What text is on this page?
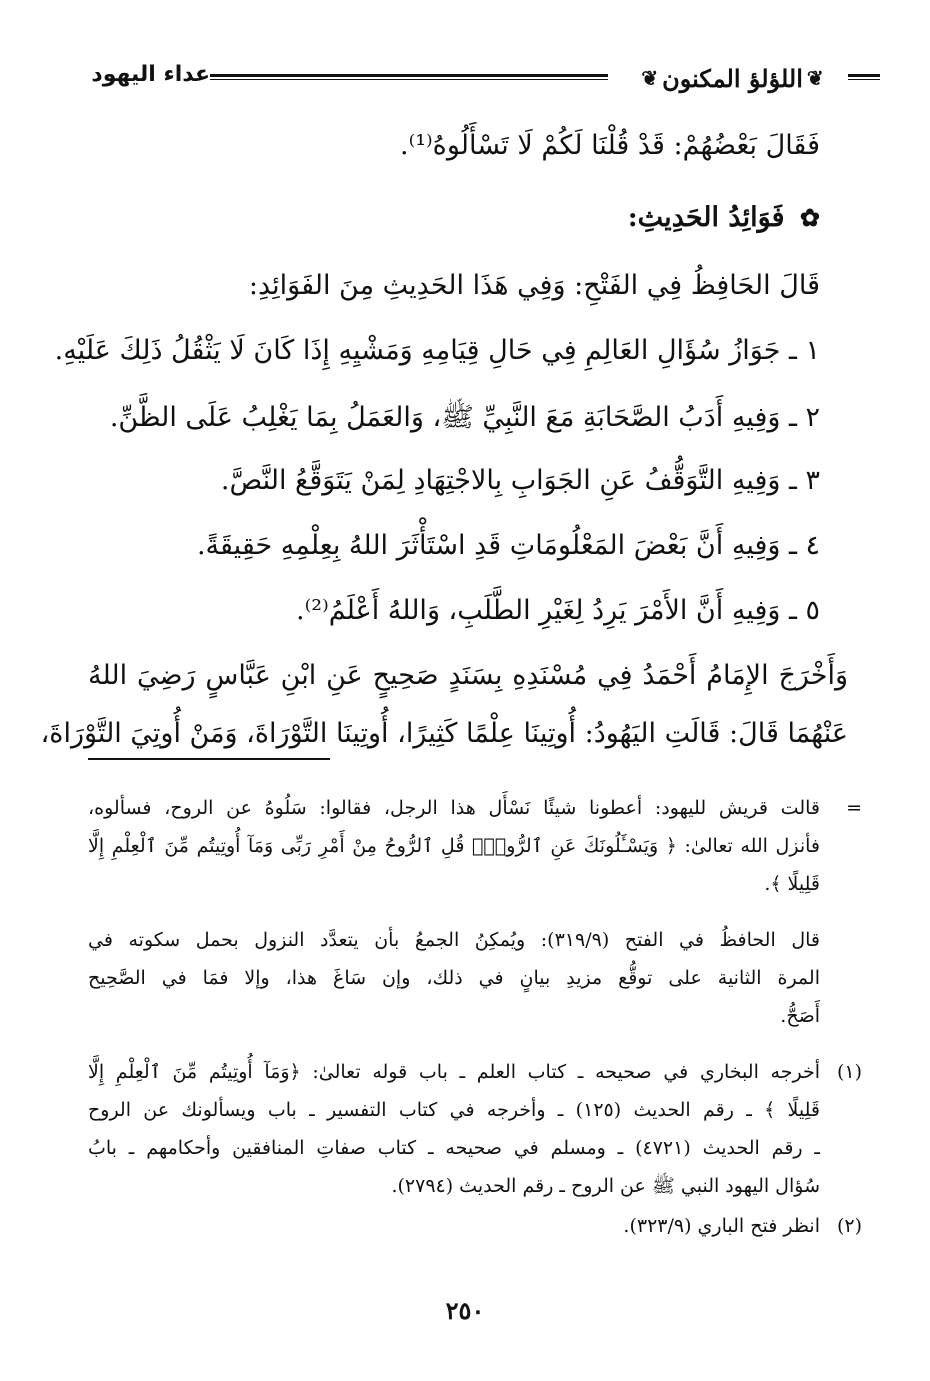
❦
اللؤلؤ المكنون
❦
عداء اليهود
فَقَالَ بَعْضُهُمْ: قَدْ قُلْنَا لَكُمْ لَا تَسْأَلُوهُ⁽¹⁾.
✿ فَوَائِدُ الحَدِيثِ:
قَالَ الحَافِظُ فِي الفَتْحِ: وَفِي هَذَا الحَدِيثِ مِنَ الفَوَائِدِ:
١ ـ جَوَازُ سُؤَالِ العَالِمِ فِي حَالِ قِيَامِهِ وَمَشْيِهِ إِذَا كَانَ لَا يَثْقُلُ ذَلِكَ عَلَيْهِ.
٢ ـ وَفِيهِ أَدَبُ الصَّحَابَةِ مَعَ النَّبِيِّ ﷺ، وَالعَمَلُ بِمَا يَغْلِبُ عَلَى الظَّنِّ.
٣ ـ وَفِيهِ التَّوَقُّفُ عَنِ الجَوَابِ بِالاجْتِهَادِ لِمَنْ يَتَوَقَّعُ النَّصَّ.
٤ ـ وَفِيهِ أَنَّ بَعْضَ المَعْلُومَاتِ قَدِ اسْتَأْثَرَ اللهُ بِعِلْمِهِ حَقِيقَةً.
٥ ـ وَفِيهِ أَنَّ الأَمْرَ يَرِدُ لِغَيْرِ الطَّلَبِ، وَاللهُ أَعْلَمُ⁽²⁾.
وَأَخْرَجَ الإِمَامُ أَحْمَدُ فِي مُسْنَدِهِ بِسَنَدٍ صَحِيحٍ عَنِ ابْنِ عَبَّاسٍ رَضِيَ اللهُ
عَنْهُمَا قَالَ: قَالَتِ اليَهُودُ: أُوتِينَا عِلْمًا كَثِيرًا، أُوتِينَا التَّوْرَاةَ، وَمَنْ أُوتِيَ التَّوْرَاةَ،
=
قالت قريش لليهود: أعطونا شيئًا نَسْأَل هذا الرجل، فقالوا: سَلُوهُ عن الروح، فسألوه،
فأنزل الله تعالىٰ: ﴿ وَيَسْـَٔلُونَكَ عَنِ ٱلرُّوحِۖ قُلِ ٱلرُّوحُ مِنْ أَمْرِ رَبِّى وَمَآ أُوتِيتُم مِّنَ ٱلْعِلْمِ إِلَّا
قَلِيلًا ﴾.
قال الحافظُ في الفتح (٣١٩/٩): ويُمكِنُ الجمعُ بأن يتعدَّد النزول بحمل سكوته في
المرة الثانية على توقُّع مزيدِ بيانٍ في ذلك، وإن سَاغَ هذا، وإلا فمَا في الصَّحِيح
أَصَحُّ.
(١)
أخرجه البخاري في صحيحه ـ كتاب العلم ـ باب قوله تعالىٰ: ﴿وَمَآ أُوتِيتُم مِّنَ ٱلْعِلْمِ إِلَّا
قَلِيلًا ﴾ ـ رقم الحديث (١٢٥) ـ وأخرجه في كتاب التفسير ـ باب ويسألونك عن الروح
ـ رقم الحديث (٤٧٢١) ـ ومسلم في صحيحه ـ كتاب صفاتِ المنافقين وأحكامهم ـ بابُ
سُؤال اليهود النبي ﷺ عن الروح ـ رقم الحديث (٢٧٩٤).
(٢)
انظر فتح الباري (٣٢٣/٩).
٢٥٠
